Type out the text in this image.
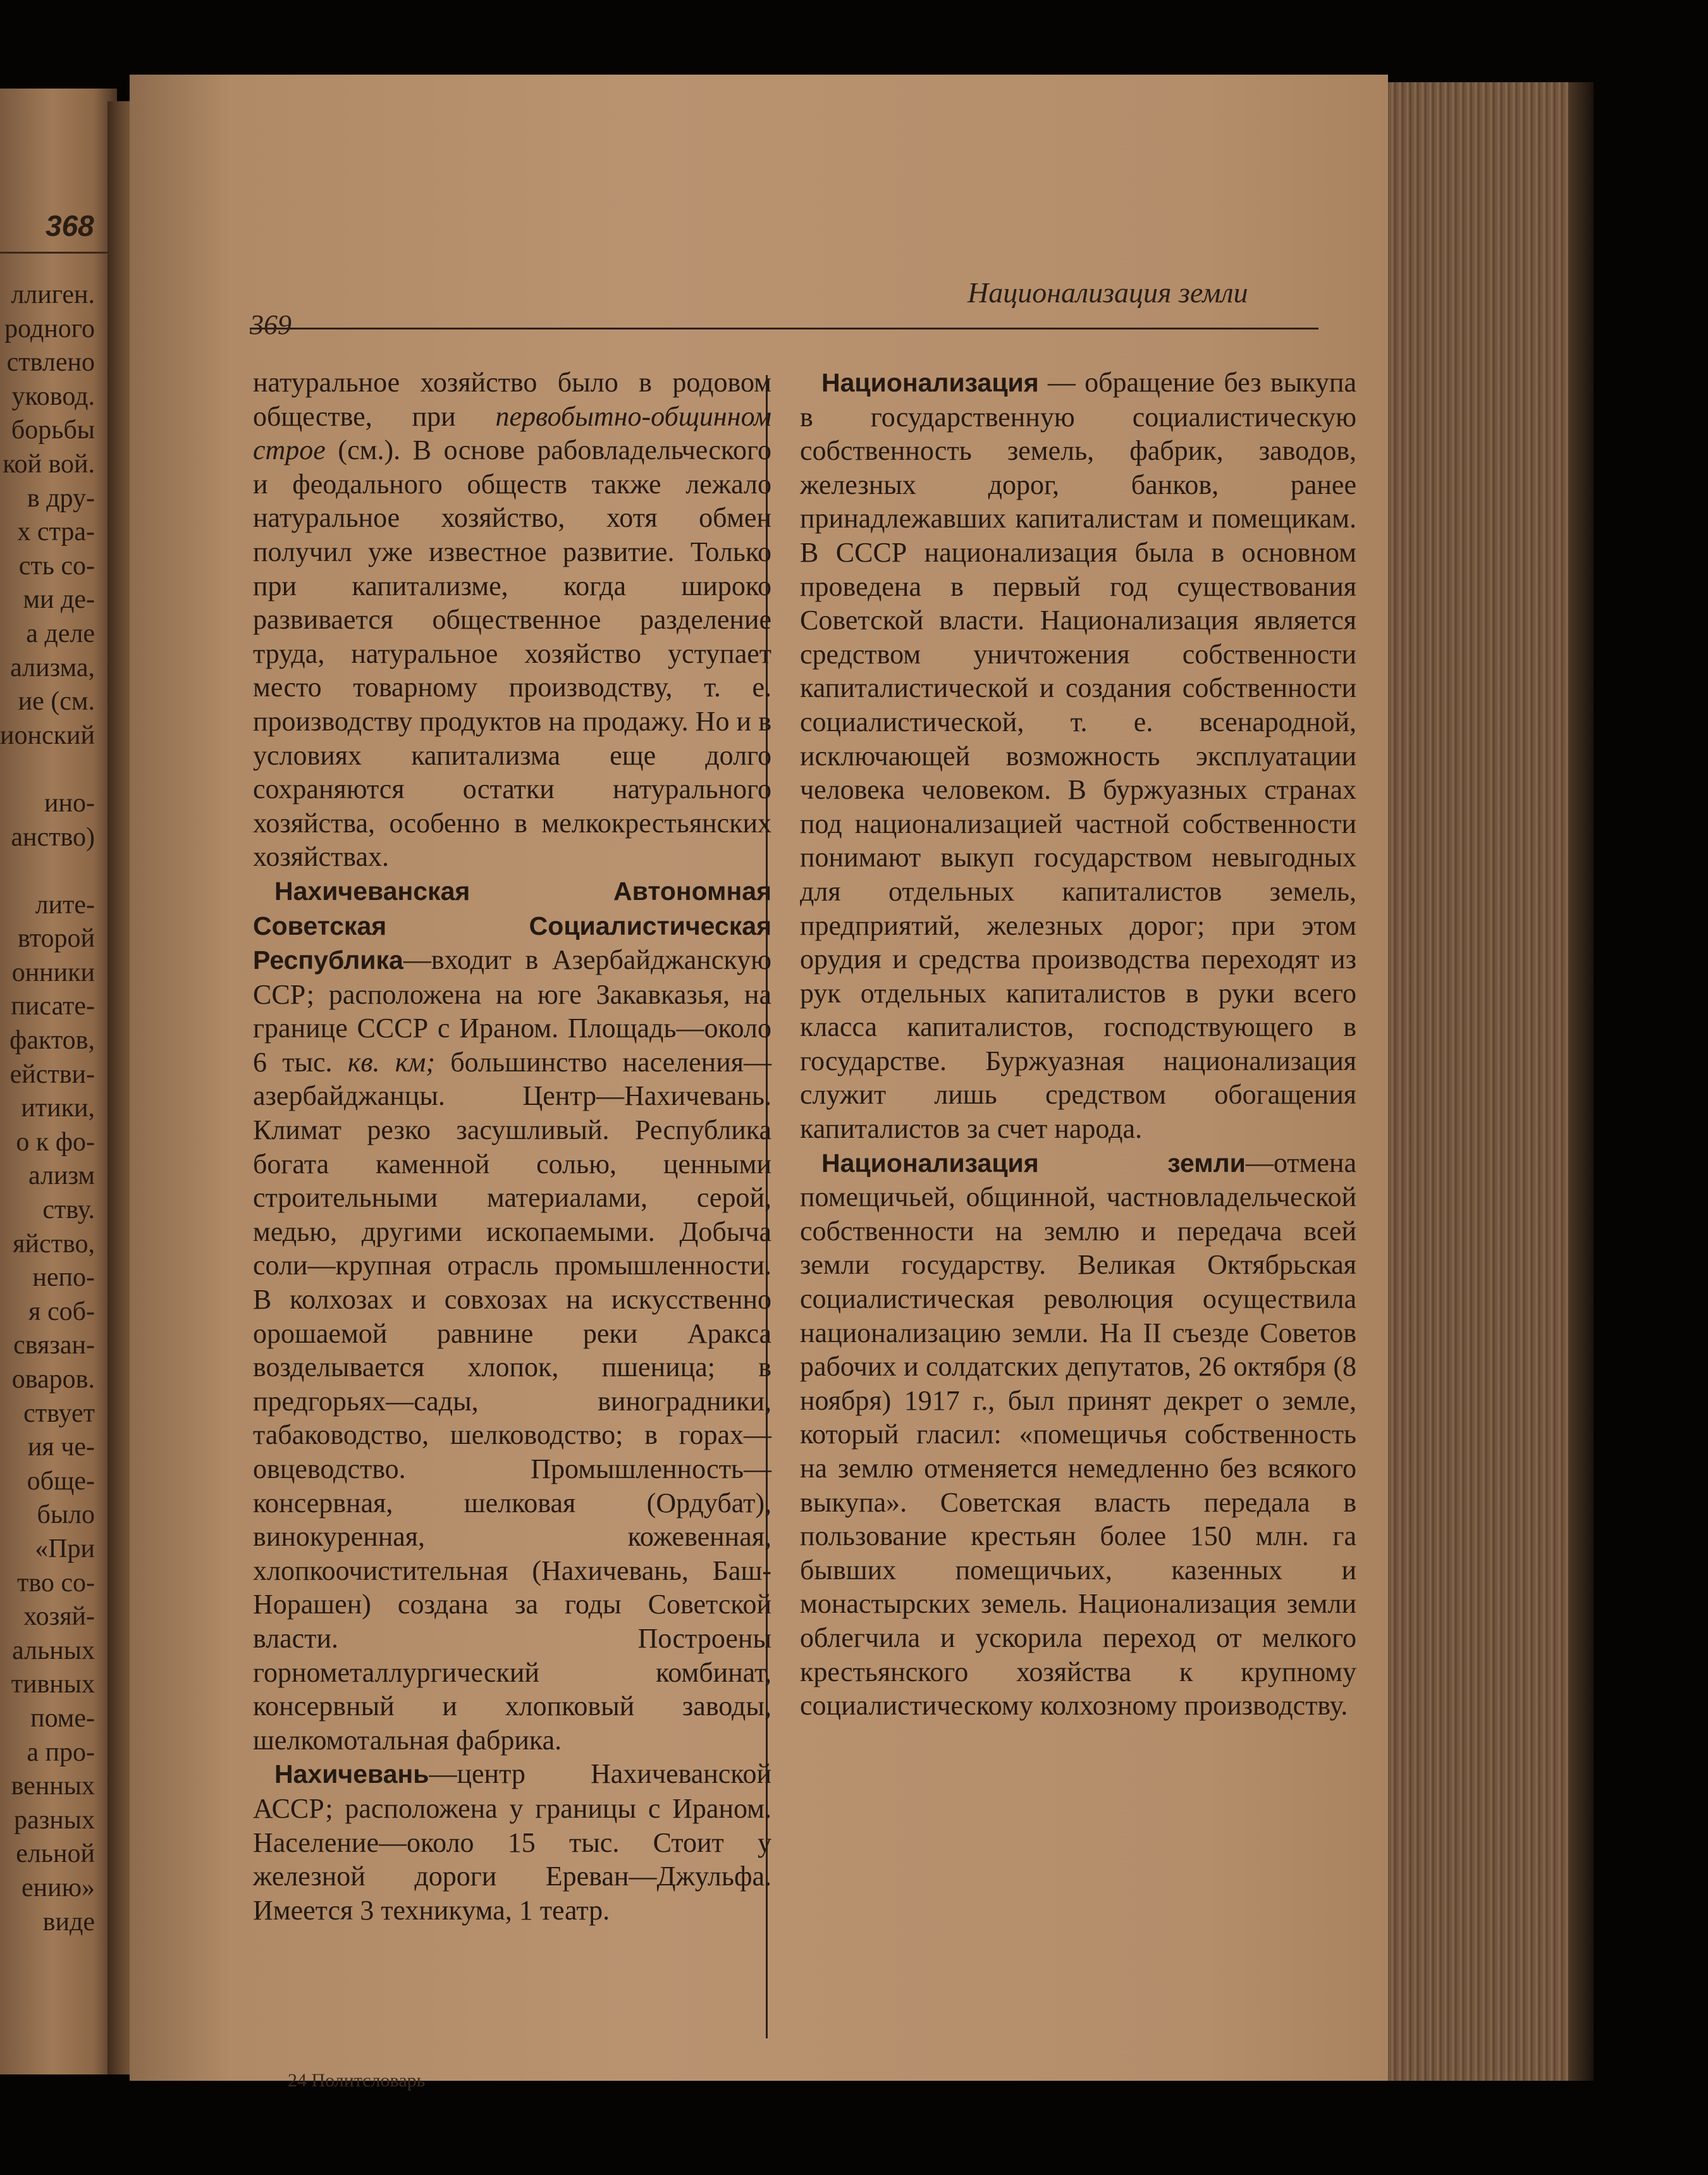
368
ллиген.
родного
ствлено
уковод.
борьбы
кой вой.
в дру-
х стра-
сть со-
ми де-
а деле
ализма,
ие (см.
ионский

ино-
анство)

литe-
второй
онники
писате-
фактов,
ействи-
итики,
о к фо-
ализм
ству.
яйство,
непо-
я соб-
связан-
оваров.
ствует
ия че-
обще-
было
«При
тво со-
хозяй-
альных
тивных
поме-
а про-
венных
разных
ельной
ению»
виде
Национализация земли
369

натуральное хозяйство было в родовом обществе, при первобытно-общинном строе (см.). В основе рабовладельческого и феодального обществ также лежало натуральное хозяйство, хотя обмен получил уже известное развитие. Только при капитализме, когда широко развивается общественное разделение труда, натуральное хозяйство уступает место товарному производству, т. е. производству продуктов на продажу. Но и в условиях капитализма еще долго сохраняются остатки натурального хозяйства, особенно в мелкокрестьянских хозяйствах.

Нахичеванская Автономная Советская Социалистическая Республика—входит в Азербайджанскую ССР; расположена на юге Закавказья, на границе СССР с Ираном. Площадь—около 6 тыс. кв. км; большинство населения—азербайджанцы. Центр—Нахичевань. Климат резко засушливый. Республика богата каменной солью, ценными строительными материалами, серой, медью, другими ископаемыми. Добыча соли—крупная отрасль промышленности. В колхозах и совхозах на искусственно орошаемой равнине реки Аракса возделывается хлопок, пшеница; в предгорьях—сады, виноградники, табаководство, шелководство; в горах—овцеводство. Промышленность—консервная, шелковая (Ордубат), винокуренная, кожевенная, хлопкоочистительная (Нахичевань, Баш-Норашен) создана за годы Советской власти. Построены горнометаллургический комбинат, консервный и хлопковый заводы, шелкомотальная фабрика.

Нахичевань—центр Нахичеванской АССР; расположена у границы с Ираном. Население—около 15 тыс. Стоит у железной дороги Ереван—Джульфа. Имеется 3 техникума, 1 театр.

Национализация — обращение без выкупа в государственную социалистическую собственность земель, фабрик, заводов, железных дорог, банков, ранее принадлежавших капиталистам и помещикам. В СССР национализация была в основном проведена в первый год существования Советской власти. Национализация является средством уничтожения собственности капиталистической и создания собственности социалистической, т. е. всенародной, исключающей возможность эксплуатации человека человеком. В буржуазных странах под национализацией частной собственности понимают выкуп государством невыгодных для отдельных капиталистов земель, предприятий, железных дорог; при этом орудия и средства производства переходят из рук отдельных капиталистов в руки всего класса капиталистов, господствующего в государстве. Буржуазная национализация служит лишь средством обогащения капиталистов за счет народа.

Национализация земли—отмена помещичьей, общинной, частновладельческой собственности на землю и передача всей земли государству. Великая Октябрьская социалистическая революция осуществила национализацию земли. На II съезде Советов рабочих и солдатских депутатов, 26 октября (8 ноября) 1917 г., был принят декрет о земле, который гласил: «помещичья собственность на землю отменяется немедленно без всякого выкупа». Советская власть передала в пользование крестьян более 150 млн. га бывших помещичьих, казенных и монастырских земель. Национализация земли облегчила и ускорила переход от мелкого крестьянского хозяйства к крупному социалистическому колхозному производству.

24 Политсловарь
